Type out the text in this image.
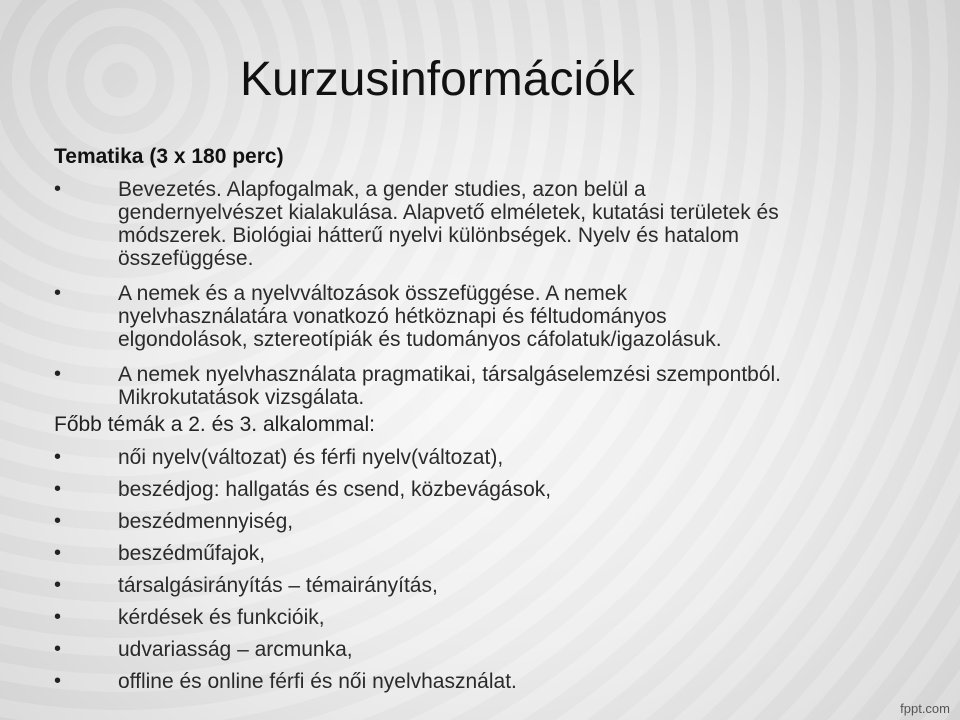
Kurzusinformációk
Tematika (3 x 180 perc)
•	Bevezetés. Alapfogalmak, a gender studies, azon belül a
gendernyelvészet kialakulása. Alapvető elméletek, kutatási területek és
módszerek. Biológiai hátterű nyelvi különbségek. Nyelv és hatalom
összefüggése.
•	A nemek és a nyelvváltozások összefüggése. A nemek
nyelvhasználatára vonatkozó hétköznapi és féltudományos
elgondolások, sztereotípiák és tudományos cáfolatuk/igazolásuk.
•	A nemek nyelvhasználata pragmatikai, társalgáselemzési szempontból.
Mikrokutatások vizsgálata.
Főbb témák a 2. és 3. alkalommal:
•	női nyelv(változat) és férfi nyelv(változat),
•	beszédjog: hallgatás és csend, közbevágások,
•	beszédmennyiség,
•	beszédműfajok,
•	társalgásirányítás – témairányítás,
•	kérdések és funkcióik,
•	udvariasság – arcmunka,
•	offline és online férfi és női nyelvhasználat.
fppt.com
